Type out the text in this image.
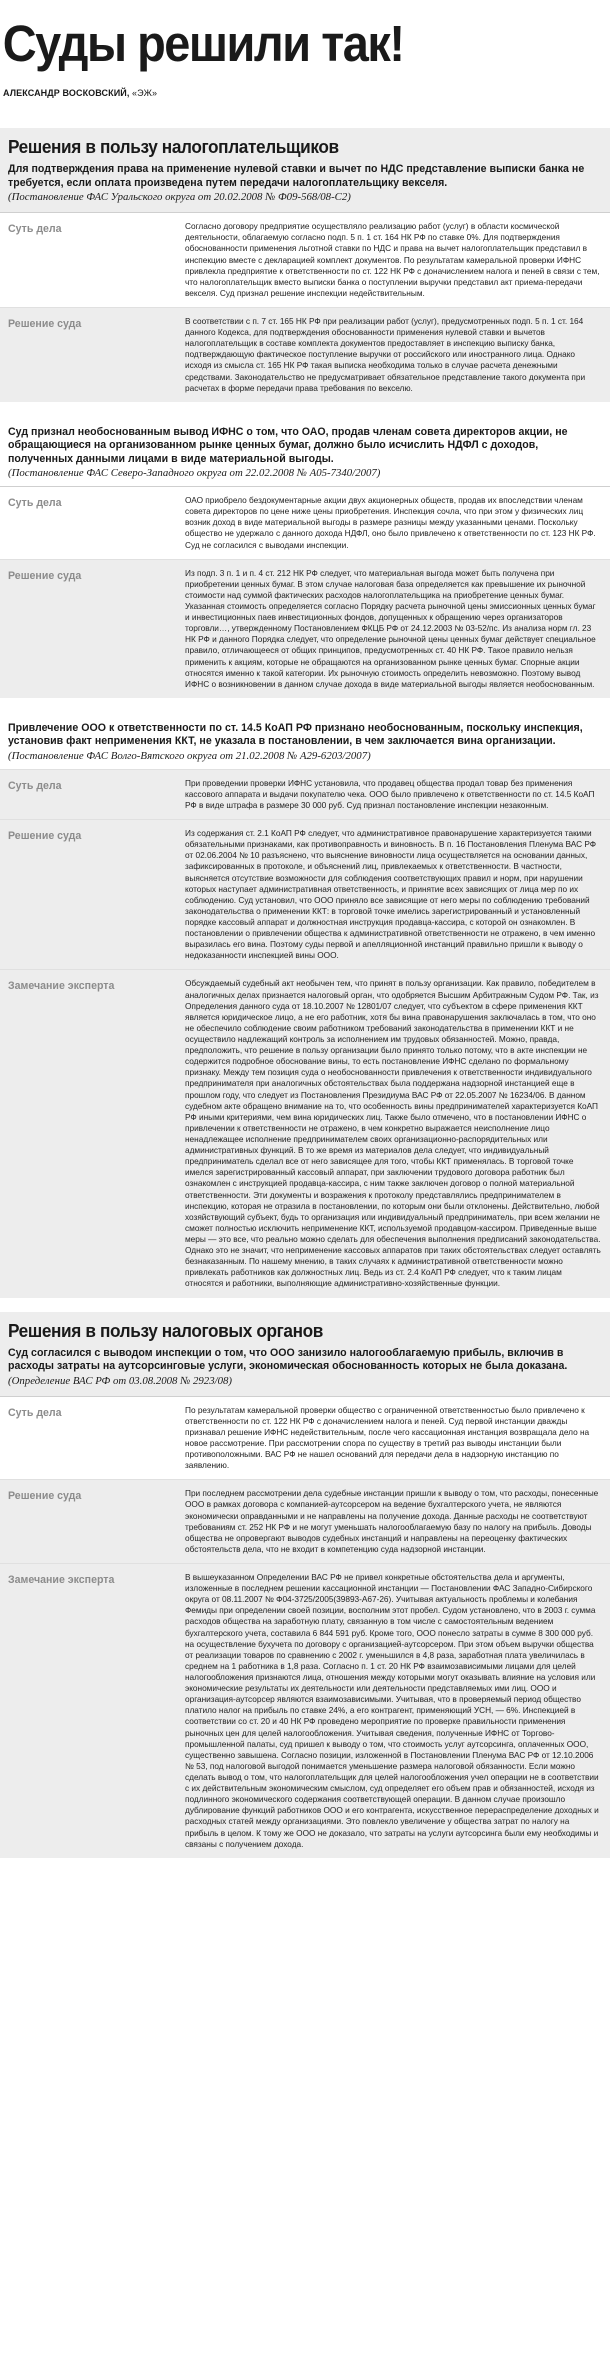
Суды решили так!
АЛЕКСАНДР ВОСКОВСКИЙ, «ЭЖ»
Решения в пользу налогоплательщиков
Для подтверждения права на применение нулевой ставки и вычет по НДС представление выписки банка не требуется, если оплата произведена путем передачи налогоплательщику векселя.
(Постановление ФАС Уральского округа от 20.02.2008 № Ф09-568/08-С2)
Суть дела	Согласно договору предприятие осуществляло реализацию работ (услуг) в области космической деятельности, облагаемую согласно подп. 5 п. 1 ст. 164 НК РФ по ставке 0%. Для подтверждения обоснованности применения льготной ставки по НДС и права на вычет налогоплательщик представил в инспекцию вместе с декларацией комплект документов. По результатам камеральной проверки ИФНС привлекла предприятие к ответственности по ст. 122 НК РФ с доначислением налога и пеней в связи с тем, что налогоплательщик вместо выписки банка о поступлении выручки представил акт приема-передачи векселя. Суд признал решение инспекции недействительным.
Решение суда	В соответствии с п. 7 ст. 165 НК РФ при реализации работ (услуг), предусмотренных подп. 5 п. 1 ст. 164 данного Кодекса, для подтверждения обоснованности применения нулевой ставки и вычетов налогоплательщик в составе комплекта документов предоставляет в инспекцию выписку банка, подтверждающую фактическое поступление выручки от российского или иностранного лица. Однако исходя из смысла ст. 165 НК РФ такая выписка необходима только в случае расчета денежными средствами. Законодательство не предусматривает обязательное представление такого документа при расчетах в форме передачи права требования по векселю.
Суд признал необоснованным вывод ИФНС о том, что ОАО, продав членам совета директоров акции, не обращающиеся на организованном рынке ценных бумаг, должно было исчислить НДФЛ с доходов, полученных данными лицами в виде материальной выгоды.
(Постановление ФАС Северо-Западного округа от 22.02.2008 № А05-7340/2007)
Суть дела	ОАО приобрело бездокументарные акции двух акционерных обществ, продав их впоследствии членам совета директоров по цене ниже цены приобретения. Инспекция сочла, что при этом у физических лиц возник доход в виде материальной выгоды в размере разницы между указанными ценами. Поскольку общество не удержало с данного дохода НДФЛ, оно было привлечено к ответственности по ст. 123 НК РФ. Суд не согласился с выводами инспекции.
Решение суда	Из подп. 3 п. 1 и п. 4 ст. 212 НК РФ следует, что материальная выгода может быть получена при приобретении ценных бумаг. В этом случае налоговая база определяется как превышение их рыночной стоимости над суммой фактических расходов налогоплательщика на приобретение ценных бумаг. Указанная стоимость определяется согласно Порядку расчета рыночной цены эмиссионных ценных бумаг и инвестиционных паев инвестиционных фондов, допущенных к обращению через организаторов торговли…, утвержденному Постановлением ФКЦБ РФ от 24.12.2003 № 03-52/пс. Из анализа норм гл. 23 НК РФ и данного Порядка следует, что определение рыночной цены ценных бумаг действует специальное правило, отличающееся от общих принципов, предусмотренных ст. 40 НК РФ. Такое правило нельзя применить к акциям, которые не обращаются на организованном рынке ценных бумаг. Спорные акции относятся именно к такой категории. Их рыночную стоимость определить невозможно. Поэтому вывод ИФНС о возникновении в данном случае дохода в виде материальной выгоды является необоснованным.
Привлечение ООО к ответственности по ст. 14.5 КоАП РФ признано необоснованным, поскольку инспекция, установив факт неприменения ККТ, не указала в постановлении, в чем заключается вина организации.
(Постановление ФАС Волго-Вятского округа от 21.02.2008 № А29-6203/2007)
Суть дела	При проведении проверки ИФНС установила, что продавец общества продал товар без применения кассового аппарата и выдачи покупателю чека. ООО было привлечено к ответственности по ст. 14.5 КоАП РФ в виде штрафа в размере 30 000 руб. Суд признал постановление инспекции незаконным.
Решение суда	Из содержания ст. 2.1 КоАП РФ следует, что административное правонарушение характеризуется такими обязательными признаками, как противоправность и виновность. В п. 16 Постановления Пленума ВАС РФ от 02.06.2004 № 10 разъяснено, что выяснение виновности лица осуществляется на основании данных, зафиксированных в протоколе, и объяснений лиц, привлекаемых к ответственности. В частности, выясняется отсутствие возможности для соблюдения соответствующих правил и норм, при нарушении которых наступает административная ответственность, и принятие всех зависящих от лица мер по их соблюдению. Суд установил, что ООО приняло все зависящие от него меры по соблюдению требований законодательства о применении ККТ: в торговой точке имелись зарегистрированный и установленный порядке кассовый аппарат и должностная инструкция продавца-кассира, с которой он ознакомлен. В постановлении о привлечении общества к административной ответственности не отражено, в чем именно выразилась его вина. Поэтому суды первой и апелляционной инстанций правильно пришли к выводу о недоказанности инспекцией вины ООО.
Замечание эксперта	Обсуждаемый судебный акт необычен тем, что принят в пользу организации. Как правило, победителем в аналогичных делах признается налоговый орган, что одобряется Высшим Арбитражным Судом РФ. Так, из Определения данного суда от 18.10.2007 № 12801/07 следует, что субъектом в сфере применения ККТ является юридическое лицо, а не его работник, хотя бы вина правонарушения заключалась в том, что оно не обеспечило соблюдение своим работником требований законодательства в применении ККТ и не осуществило надлежащий контроль за исполнением им трудовых обязанностей. Можно, правда, предположить, что решение в пользу организации было принято только потому, что в акте инспекции не содержится подробное обоснование вины, то есть постановление ИФНС сделано по формальному признаку. Между тем позиция суда о необоснованности привлечения к ответственности индивидуального предпринимателя при аналогичных обстоятельствах была поддержана надзорной инстанцией еще в прошлом году, что следует из Постановления Президиума ВАС РФ от 22.05.2007 № 16234/06. В данном судебном акте обращено внимание на то, что особенность вины предпринимателей характеризуется КоАП РФ иными критериями, чем вина юридических лиц. Также было отмечено, что в постановлении ИФНС о привлечении к ответственности не отражено, в чем конкретно выражается неисполнение лицо ненадлежащее исполнение предпринимателем своих организационно-распорядительных или административных функций. В то же время из материалов дела следует, что индивидуальный предприниматель сделал все от него зависящее для того, чтобы ККТ применялась. В торговой точке имелся зарегистрированный кассовый аппарат, при заключении трудового договора работник был ознакомлен с инструкцией продавца-кассира, с ним также заключен договор о полной материальной ответственности. Эти документы и возражения к протоколу представлялись предпринимателем в инспекцию, которая не отразила в постановлении, по которым они были отклонены. Действительно, любой хозяйствующий субъект, будь то организация или индивидуальный предприниматель, при всем желании не сможет полностью исключить неприменение ККТ, используемой продавцом-кассиром. Приведенные выше меры — это все, что реально можно сделать для обеспечения выполнения предписаний законодательства. Однако это не значит, что неприменение кассовых аппаратов при таких обстоятельствах следует оставлять безнаказанным. По нашему мнению, в таких случаях к административной ответственности можно привлекать работников как должностных лиц. Ведь из ст. 2.4 КоАП РФ следует, что к таким лицам относятся и работники, выполняющие административно-хозяйственные функции.
Решения в пользу налоговых органов
Суд согласился с выводом инспекции о том, что ООО занизило налогооблагаемую прибыль, включив в расходы затраты на аутсорсинговые услуги, экономическая обоснованность которых не была доказана.
(Определение ВАС РФ от 03.08.2008 № 2923/08)
Суть дела	По результатам камеральной проверки общество с ограниченной ответственностью было привлечено к ответственности по ст. 122 НК РФ с доначислением налога и пеней. Суд первой инстанции дважды признавал решение ИФНС недействительным, после чего кассационная инстанция возвращала дело на новое рассмотрение. При рассмотрении спора по существу в третий раз выводы инстанции были противоположными. ВАС РФ не нашел оснований для передачи дела в надзорную инстанцию по заявлению.
Решение суда	При последнем рассмотрении дела судебные инстанции пришли к выводу о том, что расходы, понесенные ООО в рамках договора с компанией-аутсорсером на ведение бухгалтерского учета, не являются экономически оправданными и не направлены на получение дохода. Данные расходы не соответствуют требованиям ст. 252 НК РФ и не могут уменьшать налогооблагаемую базу по налогу на прибыль. Доводы общества не опровергают выводов судебных инстанций и направлены на переоценку фактических обстоятельств дела, что не входит в компетенцию суда надзорной инстанции.
Замечание эксперта	В вышеуказанном Определении ВАС РФ не привел конкретные обстоятельства дела и аргументы, изложенные в последнем решении кассационной инстанции — Постановлении ФАС Западно-Сибирского округа от 08.11.2007 № Ф04-3725/2005(39893-А67-26). Учитывая актуальность проблемы и колебания Фемиды при определении своей позиции, восполним этот пробел. Судом установлено, что в 2003 г. сумма расходов общества на заработную плату, связанную в том числе с самостоятельным ведением бухгалтерского учета, составила 6 844 591 руб. Кроме того, ООО понесло затраты в сумме 8 300 000 руб. на осуществление бухучета по договору с организацией-аутсорсером. При этом объем выручки общества от реализации товаров по сравнению с 2002 г. уменьшился в 4,8 раза, заработная плата увеличилась в среднем на 1 работника в 1,8 раза. Согласно п. 1 ст. 20 НК РФ взаимозависимыми лицами для целей налогообложения признаются лица, отношения между которыми могут оказывать влияние на условия или экономические результаты их деятельности или деятельности представляемых ими лиц. ООО и организация-аутсорсер являются взаимозависимыми. Учитывая, что в проверяемый период общество платило налог на прибыль по ставке 24%, а его контрагент, применяющий УСН, — 6%. Инспекцией в соответствии со ст. 20 и 40 НК РФ проведено мероприятие по проверке правильности применения рыночных цен для целей налогообложения. Учитывая сведения, полученные ИФНС от Торгово-промышленной палаты, суд пришел к выводу о том, что стоимость услуг аутсорсинга, оплаченных ООО, существенно завышена. Согласно позиции, изложенной в Постановлении Пленума ВАС РФ от 12.10.2006 № 53, под налоговой выгодой понимается уменьшение размера налоговой обязанности. Если можно сделать вывод о том, что налогоплательщик для целей налогообложения учел операции не в соответствии с их действительным экономическим смыслом, суд определяет его объем прав и обязанностей, исходя из подлинного экономического содержания соответствующей операции. В данном случае произошло дублирование функций работников ООО и его контрагента, искусственное перераспределение доходных и расходных статей между организациями. Это повлекло увеличение у общества затрат по налогу на прибыль в целом. К тому же ООО не доказало, что затраты на услуги аутсорсинга были ему необходимы и связаны с получением дохода.
